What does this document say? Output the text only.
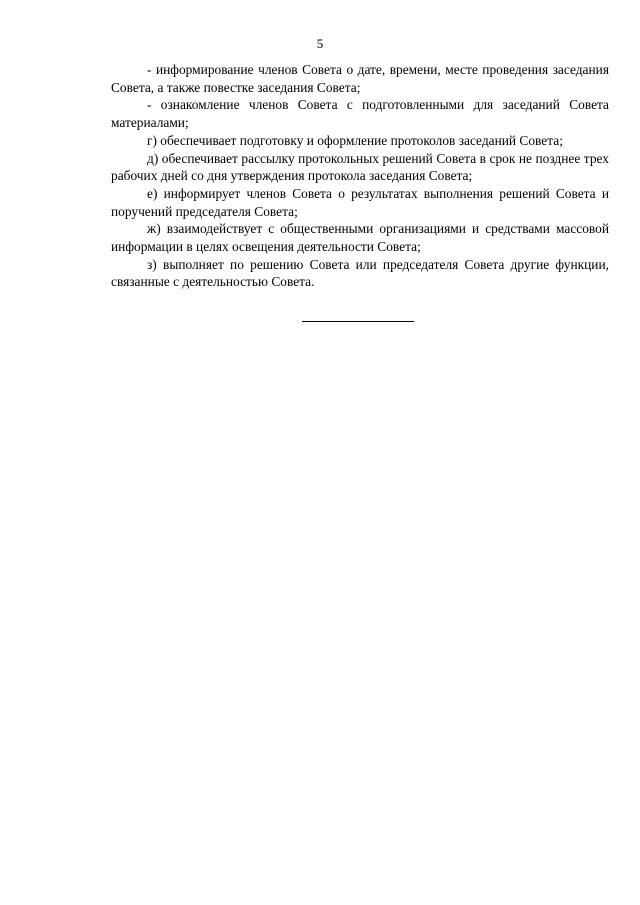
5

- информирование членов Совета о дате, времени, месте проведения заседания Совета, а также повестке заседания Совета;

- ознакомление членов Совета с подготовленными для заседаний Совета материалами;

г) обеспечивает подготовку и оформление протоколов заседаний Совета;

д) обеспечивает рассылку протокольных решений Совета в срок не позднее трех рабочих дней со дня утверждения протокола заседания Совета;

е) информирует членов Совета о результатах выполнения решений Совета и поручений председателя Совета;

ж) взаимодействует с общественными организациями и средствами массовой информации в целях освещения деятельности Совета;

з) выполняет по решению Совета или председателя Совета другие функции, связанные с деятельностью Совета.
